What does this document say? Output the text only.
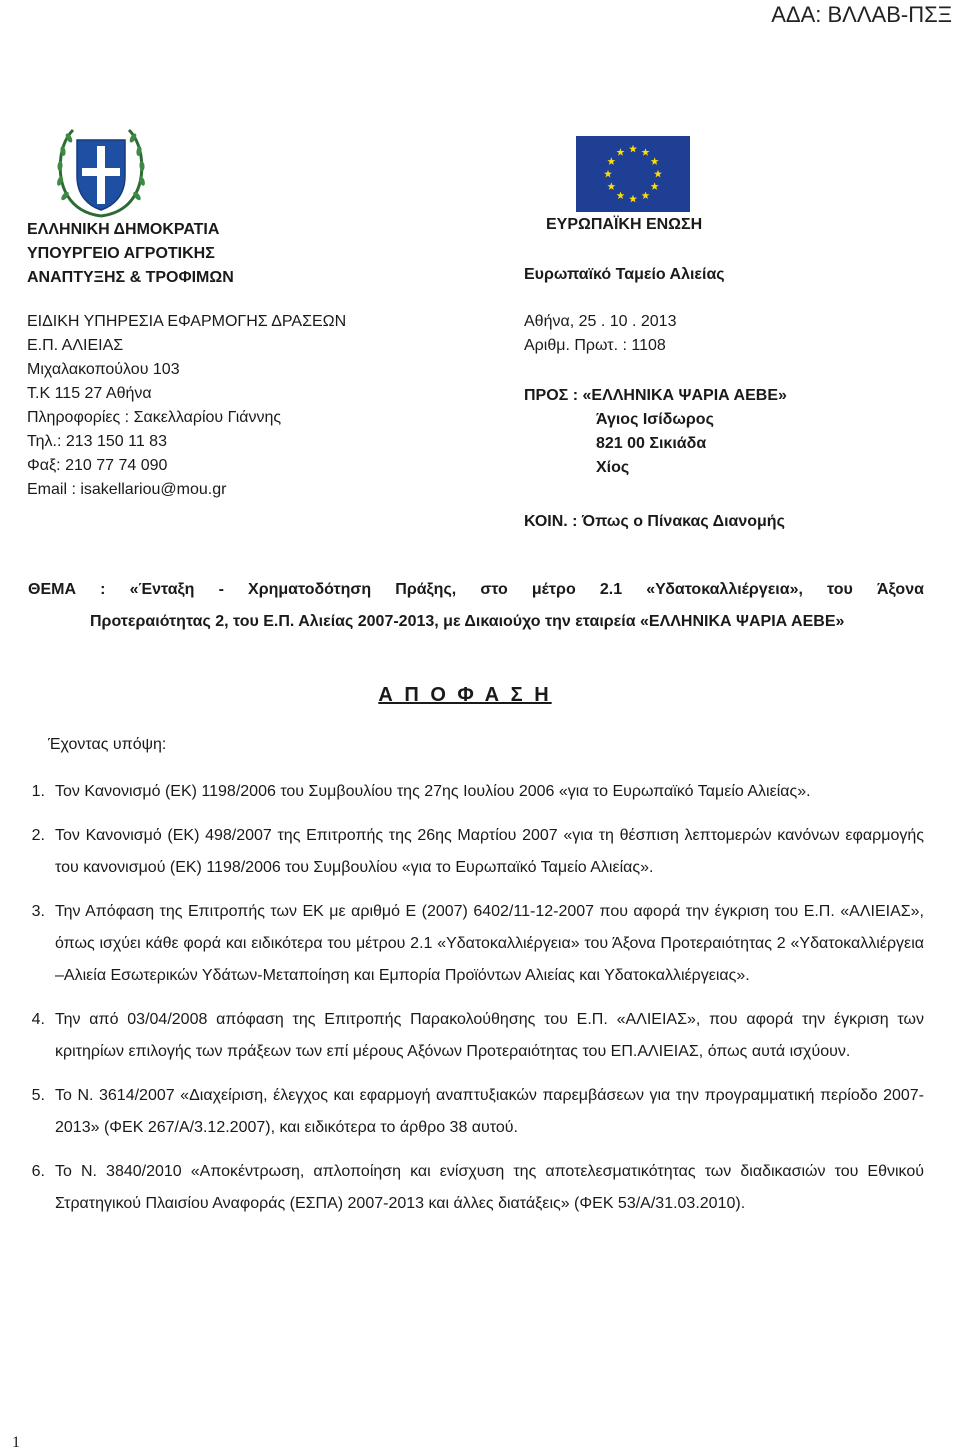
ΑΔΑ: ΒΛΛΑΒ-ΠΣΞ
ΕΛΛΗΝΙΚΗ ΔΗΜΟΚΡΑΤΙΑ
ΥΠΟΥΡΓΕΙΟ ΑΓΡΟΤΙΚΗΣ
ΑΝΑΠΤΥΞΗΣ & ΤΡΟΦΙΜΩΝ
ΕΙΔΙΚΗ ΥΠΗΡΕΣΙΑ ΕΦΑΡΜΟΓΗΣ ΔΡΑΣΕΩΝ
Ε.Π. ΑΛΙΕΙΑΣ
Μιχαλακοπούλου 103
Τ.Κ 115 27 Αθήνα
Πληροφορίες : Σακελλαρίου Γιάννης
Τηλ.: 213 150 11 83
Φαξ: 210 77 74 090
Email : isakellariou@mou.gr
ΕΥΡΩΠΑΪΚΗ ΕΝΩΣΗ
Ευρωπαϊκό Ταμείο Αλιείας
Αθήνα, 25 . 10 . 2013
Αριθμ. Πρωτ. : 1108
ΠΡΟΣ : «ΕΛΛΗΝΙΚΑ ΨΑΡΙΑ ΑΕΒΕ»
Άγιος Ισίδωρος
821 00 Σικιάδα
Χίος
ΚΟΙΝ. : Όπως ο Πίνακας Διανομής
ΘΕΜΑ : «Ένταξη - Χρηματοδότηση Πράξης, στο μέτρο 2.1 «Υδατοκαλλιέργεια», του Άξονα
Προτεραιότητας 2, του Ε.Π. Αλιείας 2007-2013, με Δικαιούχο την εταιρεία «ΕΛΛΗΝΙΚΑ ΨΑΡΙΑ ΑΕΒΕ»
Α Π Ο Φ Α Σ Η
Έχοντας υπόψη:
1. Τον Κανονισμό (ΕΚ) 1198/2006 του Συμβουλίου της 27ης Ιουλίου 2006 «για το Ευρωπαϊκό Ταμείο Αλιείας».
2. Τον Κανονισμό (ΕΚ) 498/2007 της Επιτροπής της 26ης Μαρτίου 2007 «για τη θέσπιση λεπτομερών κανόνων εφαρμογής του κανονισμού (ΕΚ) 1198/2006 του Συμβουλίου «για το Ευρωπαϊκό Ταμείο Αλιείας».
3. Την Απόφαση της Επιτροπής των ΕΚ με αριθμό Ε (2007) 6402/11-12-2007 που αφορά την έγκριση του Ε.Π. «ΑΛΙΕΙΑΣ», όπως ισχύει κάθε φορά και ειδικότερα του μέτρου 2.1 «Υδατοκαλλιέργεια» του Άξονα Προτεραιότητας 2 «Υδατοκαλλιέργεια –Αλιεία Εσωτερικών Υδάτων-Μεταποίηση και Εμπορία Προϊόντων Αλιείας και Υδατοκαλλιέργειας».
4. Την από 03/04/2008 απόφαση της Επιτροπής Παρακολούθησης του Ε.Π. «ΑΛΙΕΙΑΣ», που αφορά την έγκριση των κριτηρίων επιλογής των πράξεων των επί μέρους Αξόνων Προτεραιότητας του ΕΠ.ΑΛΙΕΙΑΣ, όπως αυτά ισχύουν.
5. Το Ν. 3614/2007 «Διαχείριση, έλεγχος και εφαρμογή αναπτυξιακών παρεμβάσεων για την προγραμματική περίοδο 2007-2013» (ΦΕΚ 267/Α/3.12.2007), και ειδικότερα το άρθρο 38 αυτού.
6. Το Ν. 3840/2010 «Αποκέντρωση, απλοποίηση και ενίσχυση της αποτελεσματικότητας των διαδικασιών του Εθνικού Στρατηγικού Πλαισίου Αναφοράς (ΕΣΠΑ) 2007-2013 και άλλες διατάξεις» (ΦΕΚ 53/Α/31.03.2010).
1
